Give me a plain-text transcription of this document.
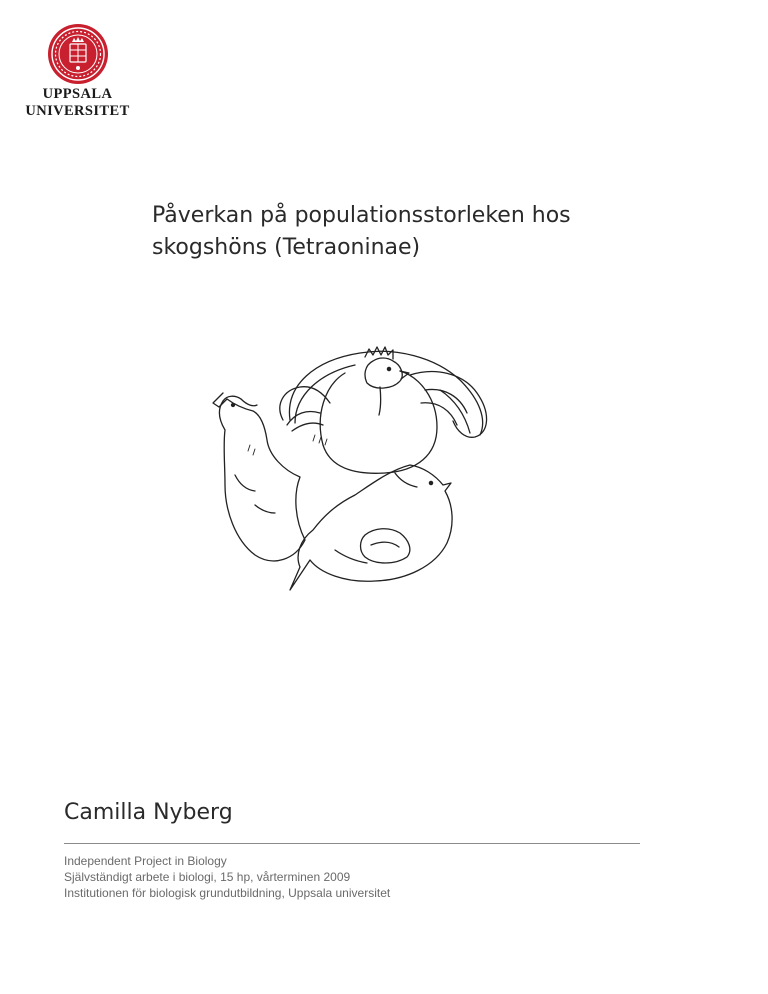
UPPSALA
UNIVERSITET
Påverkan på populationsstorleken hos
skogshöns (Tetraoninae)
Camilla Nyberg
Independent Project in Biology
Självständigt arbete i biologi, 15 hp, vårterminen 2009
Institutionen för biologisk grundutbildning, Uppsala universitet
